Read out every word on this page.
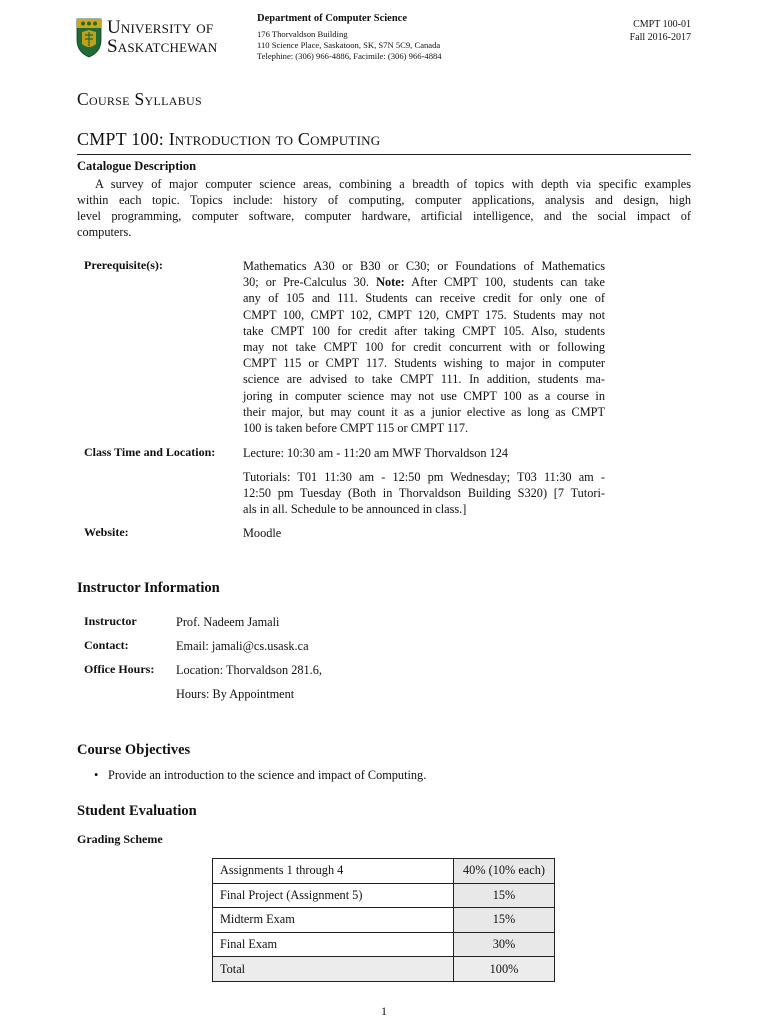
University of
Saskatchewan
Department of Computer Science
176 Thorvaldson Building
110 Science Place, Saskatoon, SK, S7N 5C9, Canada
Telephine: (306) 966-4886, Facimile: (306) 966-4884
CMPT 100-01
Fall 2016-2017
Course Syllabus
CMPT 100: Introduction to Computing
Catalogue Description
A survey of major computer science areas, combining a breadth of topics with depth via specific examples
within each topic. Topics include: history of computing, computer applications, analysis and design, high
level programming, computer software, computer hardware, artificial intelligence, and the social impact of
computers.
Prerequisite(s):	Mathematics A30 or B30 or C30; or Foundations of Mathematics
30; or Pre-Calculus 30. Note: After CMPT 100, students can take
any of 105 and 111. Students can receive credit for only one of
CMPT 100, CMPT 102, CMPT 120, CMPT 175. Students may not
take CMPT 100 for credit after taking CMPT 105. Also, students
may not take CMPT 100 for credit concurrent with or following
CMPT 115 or CMPT 117. Students wishing to major in computer
science are advised to take CMPT 111. In addition, students ma-
joring in computer science may not use CMPT 100 as a course in
their major, but may count it as a junior elective as long as CMPT
100 is taken before CMPT 115 or CMPT 117.
Class Time and Location: Lecture: 10:30 am - 11:20 am MWF Thorvaldson 124
Tutorials: T01 11:30 am - 12:50 pm Wednesday; T03 11:30 am -
12:50 pm Tuesday (Both in Thorvaldson Building S320) [7 Tutori-
als in all. Schedule to be announced in class.]
Website:	Moodle
Instructor Information
Instructor	Prof. Nadeem Jamali
Contact:	Email: jamali@cs.usask.ca
Office Hours: Location: Thorvaldson 281.6,
Hours: By Appointment
Course Objectives
• Provide an introduction to the science and impact of Computing.
Student Evaluation
Grading Scheme
Assignments 1 through 4	40% (10% each)
Final Project (Assignment 5)	15%
Midterm Exam	15%
Final Exam	30%
Total	100%
1
